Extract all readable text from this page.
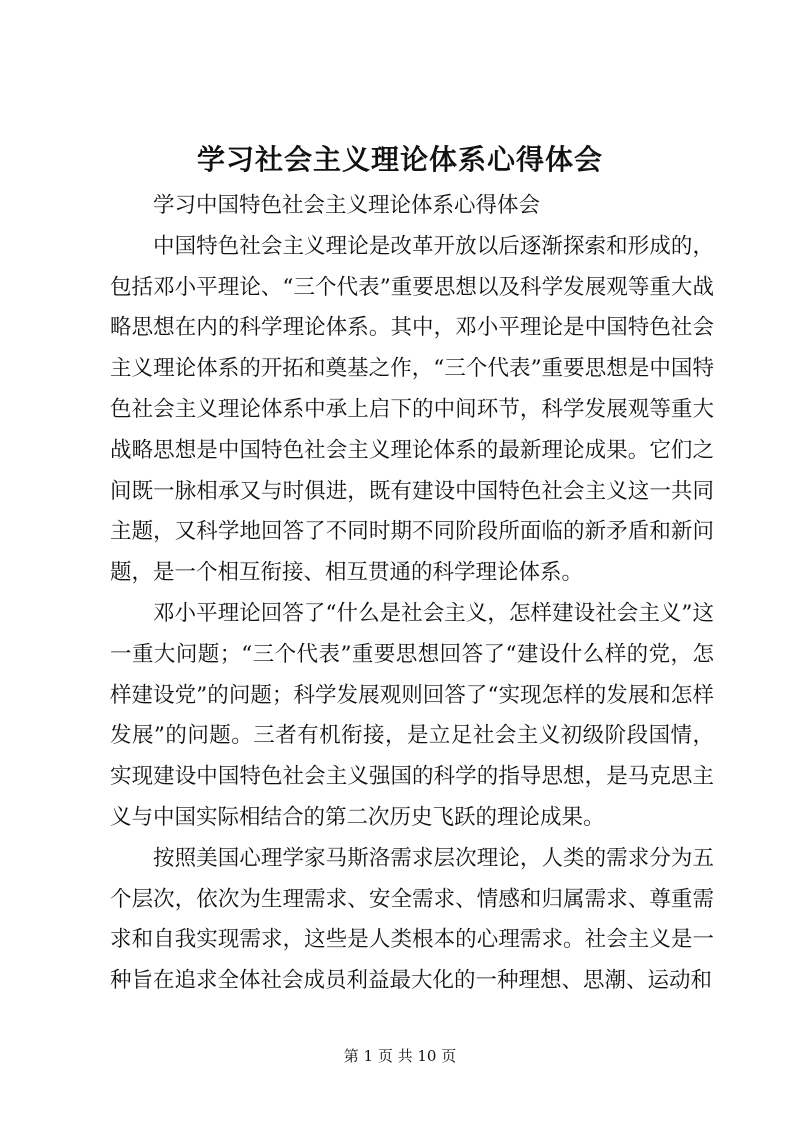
学习社会主义理论体系心得体会

学习中国特色社会主义理论体系心得体会

中国特色社会主义理论是改革开放以后逐渐探索和形成的，包括邓小平理论、“三个代表”重要思想以及科学发展观等重大战略思想在内的科学理论体系。其中，邓小平理论是中国特色社会主义理论体系的开拓和奠基之作，“三个代表”重要思想是中国特色社会主义理论体系中承上启下的中间环节，科学发展观等重大战略思想是中国特色社会主义理论体系的最新理论成果。它们之间既一脉相承又与时俱进，既有建设中国特色社会主义这一共同主题，又科学地回答了不同时期不同阶段所面临的新矛盾和新问题，是一个相互衔接、相互贯通的科学理论体系。

邓小平理论回答了“什么是社会主义，怎样建设社会主义”这一重大问题；“三个代表”重要思想回答了“建设什么样的党，怎样建设党”的问题；科学发展观则回答了“实现怎样的发展和怎样发展”的问题。三者有机衔接，是立足社会主义初级阶段国情，实现建设中国特色社会主义强国的科学的指导思想，是马克思主义与中国实际相结合的第二次历史飞跃的理论成果。

按照美国心理学家马斯洛需求层次理论，人类的需求分为五个层次，依次为生理需求、安全需求、情感和归属需求、尊重需求和自我实现需求，这些是人类根本的心理需求。社会主义是一种旨在追求全体社会成员利益最大化的一种理想、思潮、运动和

第 1 页 共 10 页
